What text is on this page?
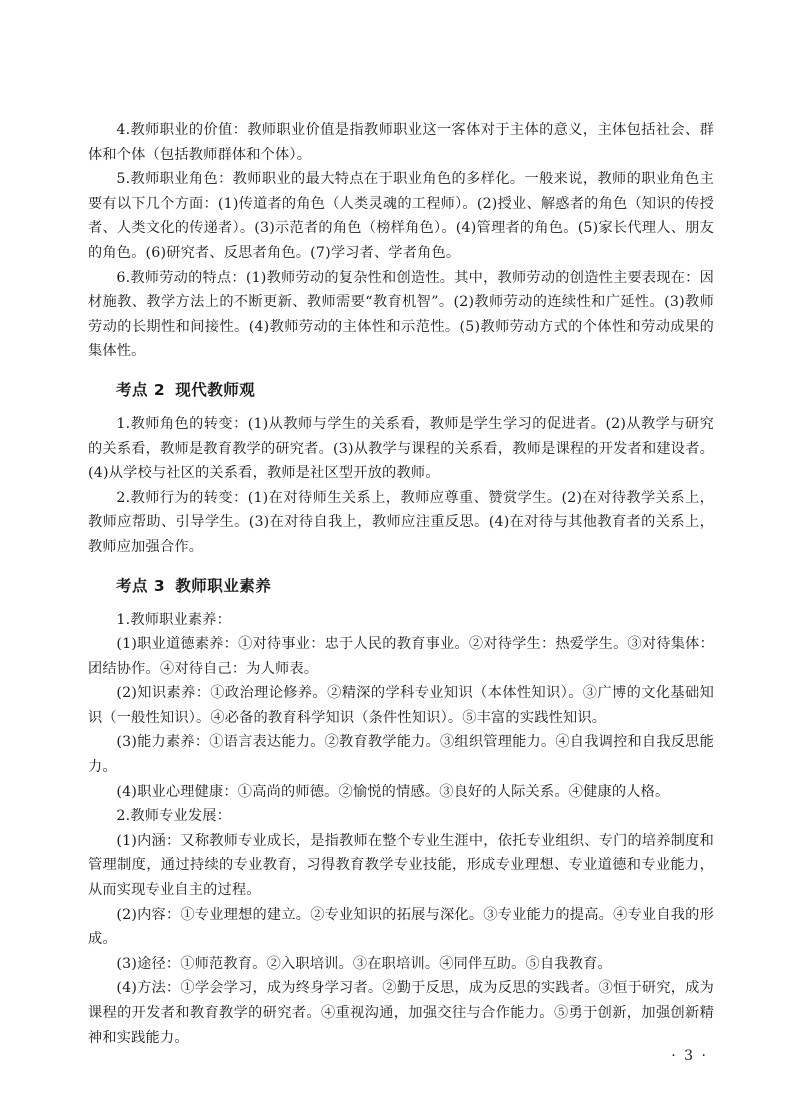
4.教师职业的价值：教师职业价值是指教师职业这一客体对于主体的意义，主体包括社会、群体和个体（包括教师群体和个体）。

5.教师职业角色：教师职业的最大特点在于职业角色的多样化。一般来说，教师的职业角色主要有以下几个方面：(1)传道者的角色（人类灵魂的工程师）。(2)授业、解惑者的角色（知识的传授者、人类文化的传递者）。(3)示范者的角色（榜样角色）。(4)管理者的角色。(5)家长代理人、朋友的角色。(6)研究者、反思者角色。(7)学习者、学者角色。

6.教师劳动的特点：(1)教师劳动的复杂性和创造性。其中，教师劳动的创造性主要表现在：因材施教、教学方法上的不断更新、教师需要“教育机智”。(2)教师劳动的连续性和广延性。(3)教师劳动的长期性和间接性。(4)教师劳动的主体性和示范性。(5)教师劳动方式的个体性和劳动成果的集体性。

考点 2 现代教师观

1.教师角色的转变：(1)从教师与学生的关系看，教师是学生学习的促进者。(2)从教学与研究的关系看，教师是教育教学的研究者。(3)从教学与课程的关系看，教师是课程的开发者和建设者。(4)从学校与社区的关系看，教师是社区型开放的教师。

2.教师行为的转变：(1)在对待师生关系上，教师应尊重、赞赏学生。(2)在对待教学关系上，教师应帮助、引导学生。(3)在对待自我上，教师应注重反思。(4)在对待与其他教育者的关系上，教师应加强合作。

考点 3 教师职业素养

1.教师职业素养：

(1)职业道德素养：①对待事业：忠于人民的教育事业。②对待学生：热爱学生。③对待集体：团结协作。④对待自己：为人师表。

(2)知识素养：①政治理论修养。②精深的学科专业知识（本体性知识）。③广博的文化基础知识（一般性知识）。④必备的教育科学知识（条件性知识）。⑤丰富的实践性知识。

(3)能力素养：①语言表达能力。②教育教学能力。③组织管理能力。④自我调控和自我反思能力。

(4)职业心理健康：①高尚的师德。②愉悦的情感。③良好的人际关系。④健康的人格。

2.教师专业发展：

(1)内涵：又称教师专业成长，是指教师在整个专业生涯中，依托专业组织、专门的培养制度和管理制度，通过持续的专业教育，习得教育教学专业技能，形成专业理想、专业道德和专业能力，从而实现专业自主的过程。

(2)内容：①专业理想的建立。②专业知识的拓展与深化。③专业能力的提高。④专业自我的形成。

(3)途径：①师范教育。②入职培训。③在职培训。④同伴互助。⑤自我教育。

(4)方法：①学会学习，成为终身学习者。②勤于反思，成为反思的实践者。③恒于研究，成为课程的开发者和教育教学的研究者。④重视沟通，加强交往与合作能力。⑤勇于创新，加强创新精神和实践能力。

· 3 ·
